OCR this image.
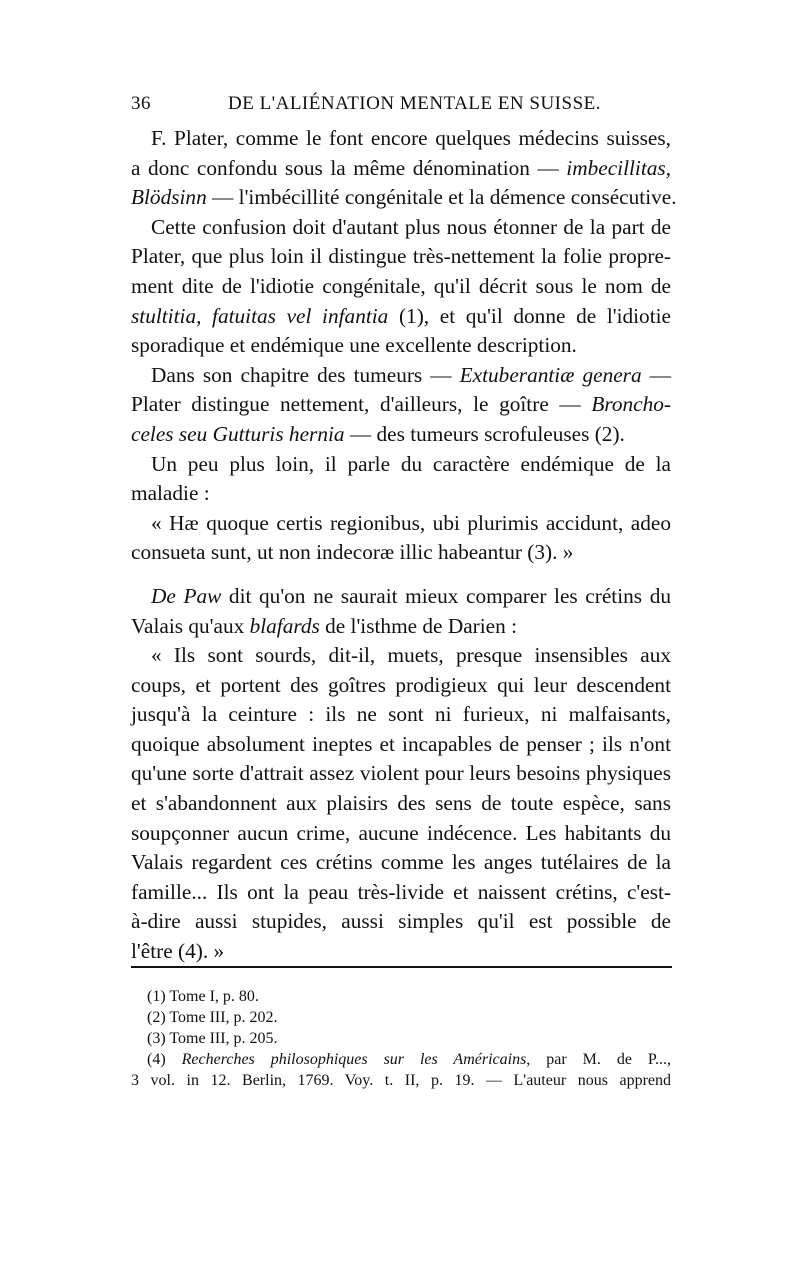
36	DE L'ALIÉNATION MENTALE EN SUISSE.
F. Plater, comme le font encore quelques médecins suisses,
a donc confondu sous la même dénomination — imbecillitas,
Blödsinn — l'imbécillité congénitale et la démence consécutive.
Cette confusion doit d'autant plus nous étonner de la part de
Plater, que plus loin il distingue très-nettement la folie propre-
ment dite de l'idiotie congénitale, qu'il décrit sous le nom de
stultitia, fatuitas vel infantia (1), et qu'il donne de l'idiotie
sporadique et endémique une excellente description.
Dans son chapitre des tumeurs — Extuberantiæ genera —
Plater distingue nettement, d'ailleurs, le goître — Broncho-
celes seu Gutturis hernia — des tumeurs scrofuleuses (2).
Un peu plus loin, il parle du caractère endémique de la
maladie :
« Hæ quoque certis regionibus, ubi plurimis accidunt, adeo
consueta sunt, ut non indecoræ illic habeantur (3). »
De Paw dit qu'on ne saurait mieux comparer les crétins du
Valais qu'aux blafards de l'isthme de Darien :
« Ils sont sourds, dit-il, muets, presque insensibles aux
coups, et portent des goîtres prodigieux qui leur descendent
jusqu'à la ceinture : ils ne sont ni furieux, ni malfaisants,
quoique absolument ineptes et incapables de penser ; ils n'ont
qu'une sorte d'attrait assez violent pour leurs besoins physiques
et s'abandonnent aux plaisirs des sens de toute espèce, sans
soupçonner aucun crime, aucune indécence. Les habitants du
Valais regardent ces crétins comme les anges tutélaires de la
famille... Ils ont la peau très-livide et naissent crétins, c'est-
à-dire aussi stupides, aussi simples qu'il est possible de
l'être (4). »
(1) Tome I, p. 80.
(2) Tome III, p. 202.
(3) Tome III, p. 205.
(4) Recherches philosophiques sur les Américains, par M. de P...,
3 vol. in 12. Berlin, 1769. Voy. t. II, p. 19. — L'auteur nous apprend
